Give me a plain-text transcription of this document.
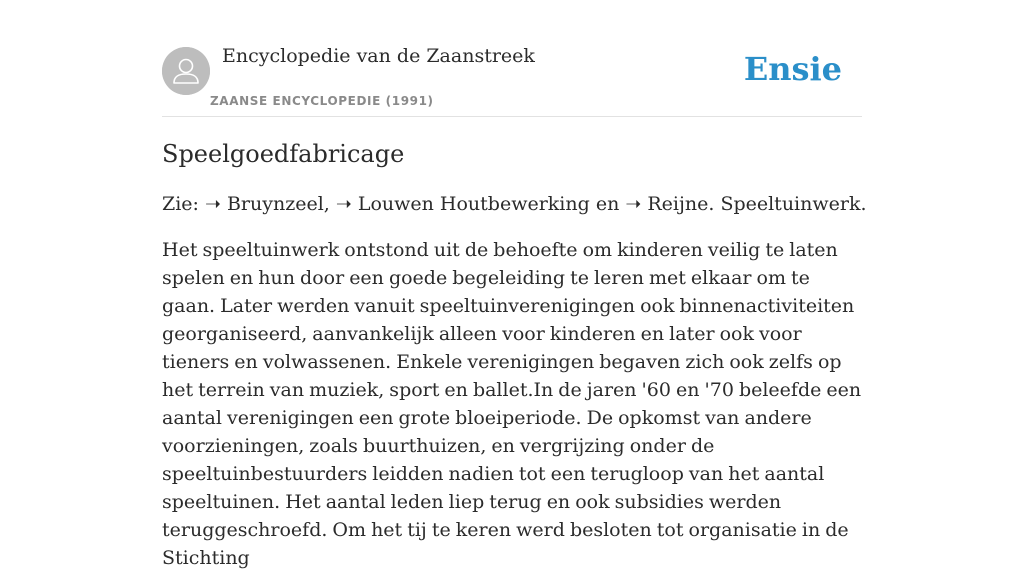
Encyclopedie van de Zaanstreek
ZAANSE ENCYCLOPEDIE (1991)
Ensie
Speelgoedfabricage

Zie: ➝ Bruynzeel, ➝ Louwen Houtbewerking en ➝ Reijne. Speeltuinwerk.

Het speeltuinwerk ontstond uit de behoefte om kinderen veilig te laten spelen en hun door een goede begeleiding te leren met elkaar om te gaan. Later werden vanuit speeltuinverenigingen ook binnenactiviteiten georganiseerd, aanvankelijk alleen voor kinderen en later ook voor tieners en volwassenen. Enkele verenigingen begaven zich ook zelfs op het terrein van muziek, sport en ballet.In de jaren '60 en '70 beleefde een aantal verenigingen een grote bloeiperiode. De opkomst van andere voorzieningen, zoals buurthuizen, en vergrijzing onder de speeltuinbestuurders leidden nadien tot een terugloop van het aantal speeltuinen. Het aantal leden liep terug en ook subsidies werden teruggeschroefd. Om het tij te keren werd besloten tot organisatie in de Stichting
